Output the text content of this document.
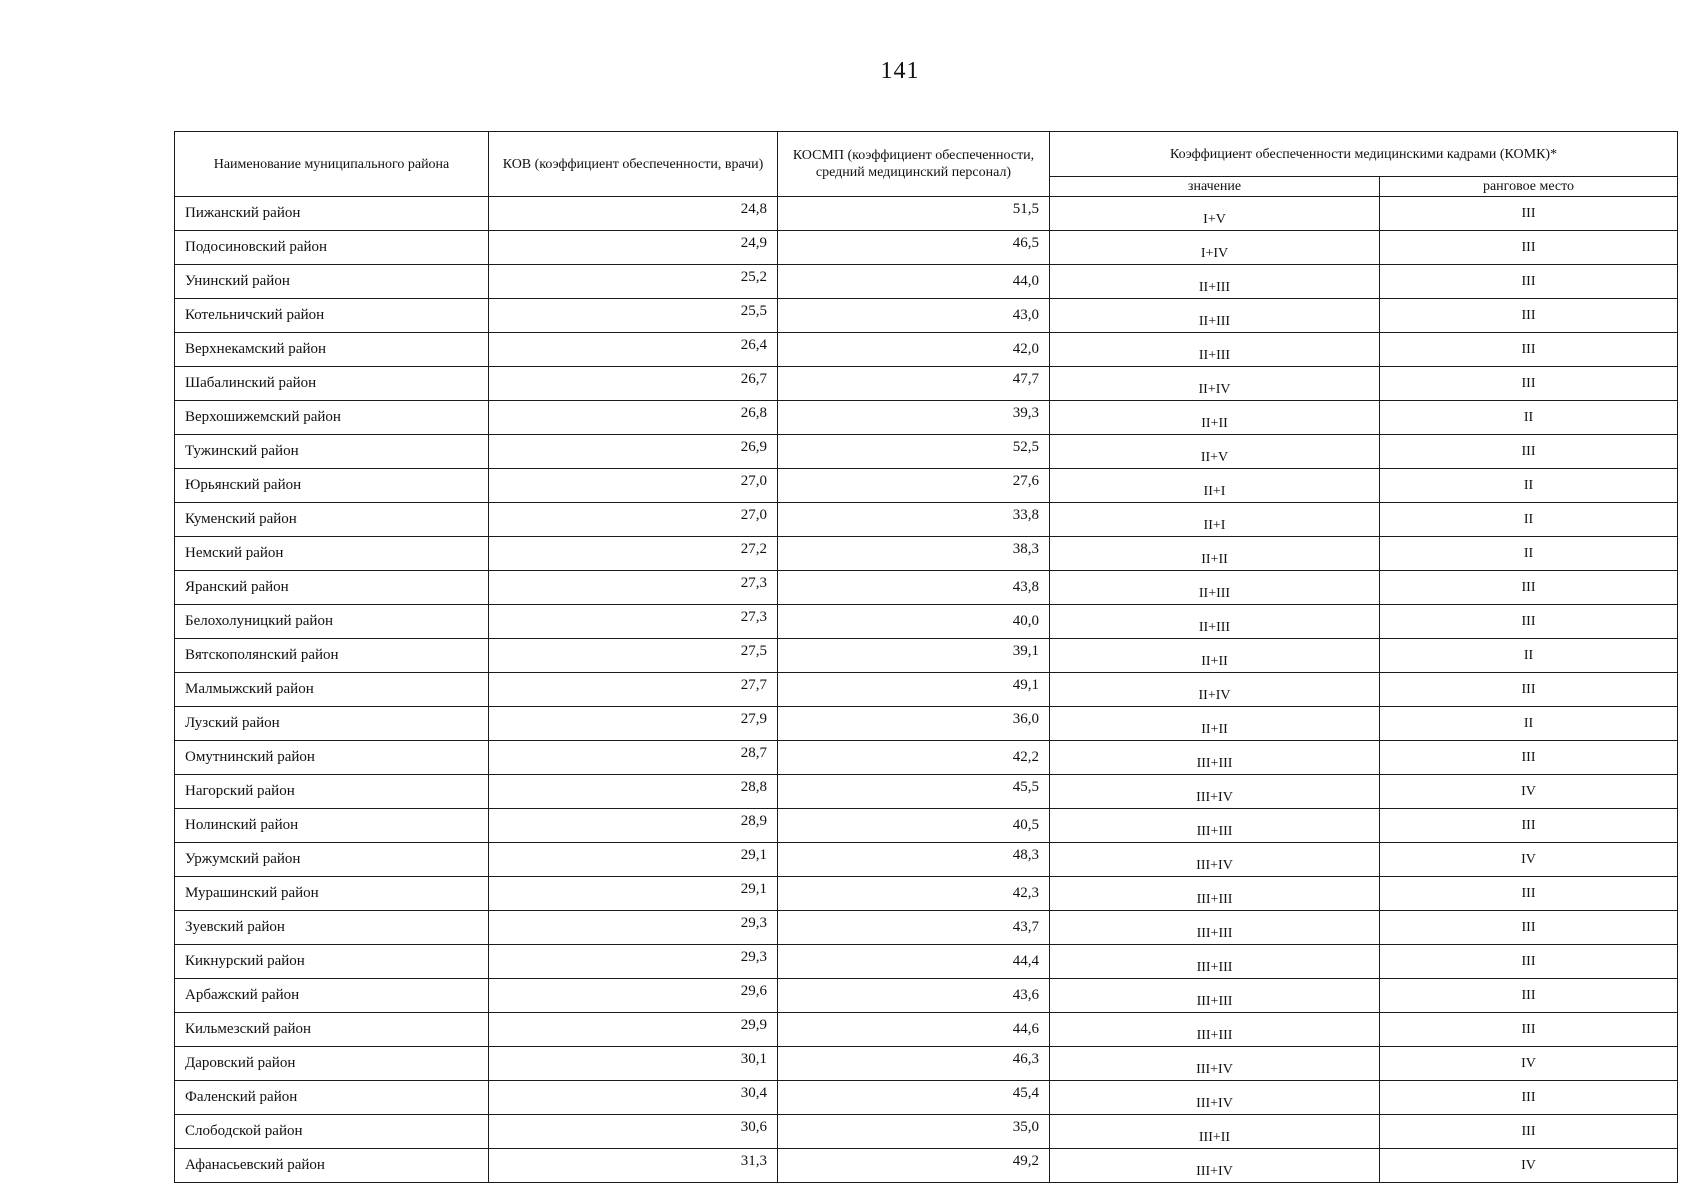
141
Наименование муниципального района	КОВ (коэффициент обеспеченности, врачи)	КОСМП (коэффициент обеспеченности, средний медицинский персонал)	Коэффициент обеспеченности медицинскими кадрами (КОМК)*	
			значение	ранговое место
Пижанский район	24,8	51,5	I+V	III
Подосиновский район	24,9	46,5	I+IV	III
Унинский район	25,2	44,0	II+III	III
Котельничский район	25,5	43,0	II+III	III
Верхнекамский район	26,4	42,0	II+III	III
Шабалинский район	26,7	47,7	II+IV	III
Верхошижемский район	26,8	39,3	II+II	II
Тужинский район	26,9	52,5	II+V	III
Юрьянский район	27,0	27,6	II+I	II
Куменский район	27,0	33,8	II+I	II
Немский район	27,2	38,3	II+II	II
Яранский район	27,3	43,8	II+III	III
Белохолуницкий район	27,3	40,0	II+III	III
Вятскополянский район	27,5	39,1	II+II	II
Малмыжский район	27,7	49,1	II+IV	III
Лузский район	27,9	36,0	II+II	II
Омутнинский район	28,7	42,2	III+III	III
Нагорский район	28,8	45,5	III+IV	IV
Нолинский район	28,9	40,5	III+III	III
Уржумский район	29,1	48,3	III+IV	IV
Мурашинский район	29,1	42,3	III+III	III
Зуевский район	29,3	43,7	III+III	III
Кикнурский район	29,3	44,4	III+III	III
Арбажский район	29,6	43,6	III+III	III
Кильмезский район	29,9	44,6	III+III	III
Даровский район	30,1	46,3	III+IV	IV
Фаленский район	30,4	45,4	III+IV	III
Слободской район	30,6	35,0	III+II	III
Афанасьевский район	31,3	49,2	III+IV	IV
